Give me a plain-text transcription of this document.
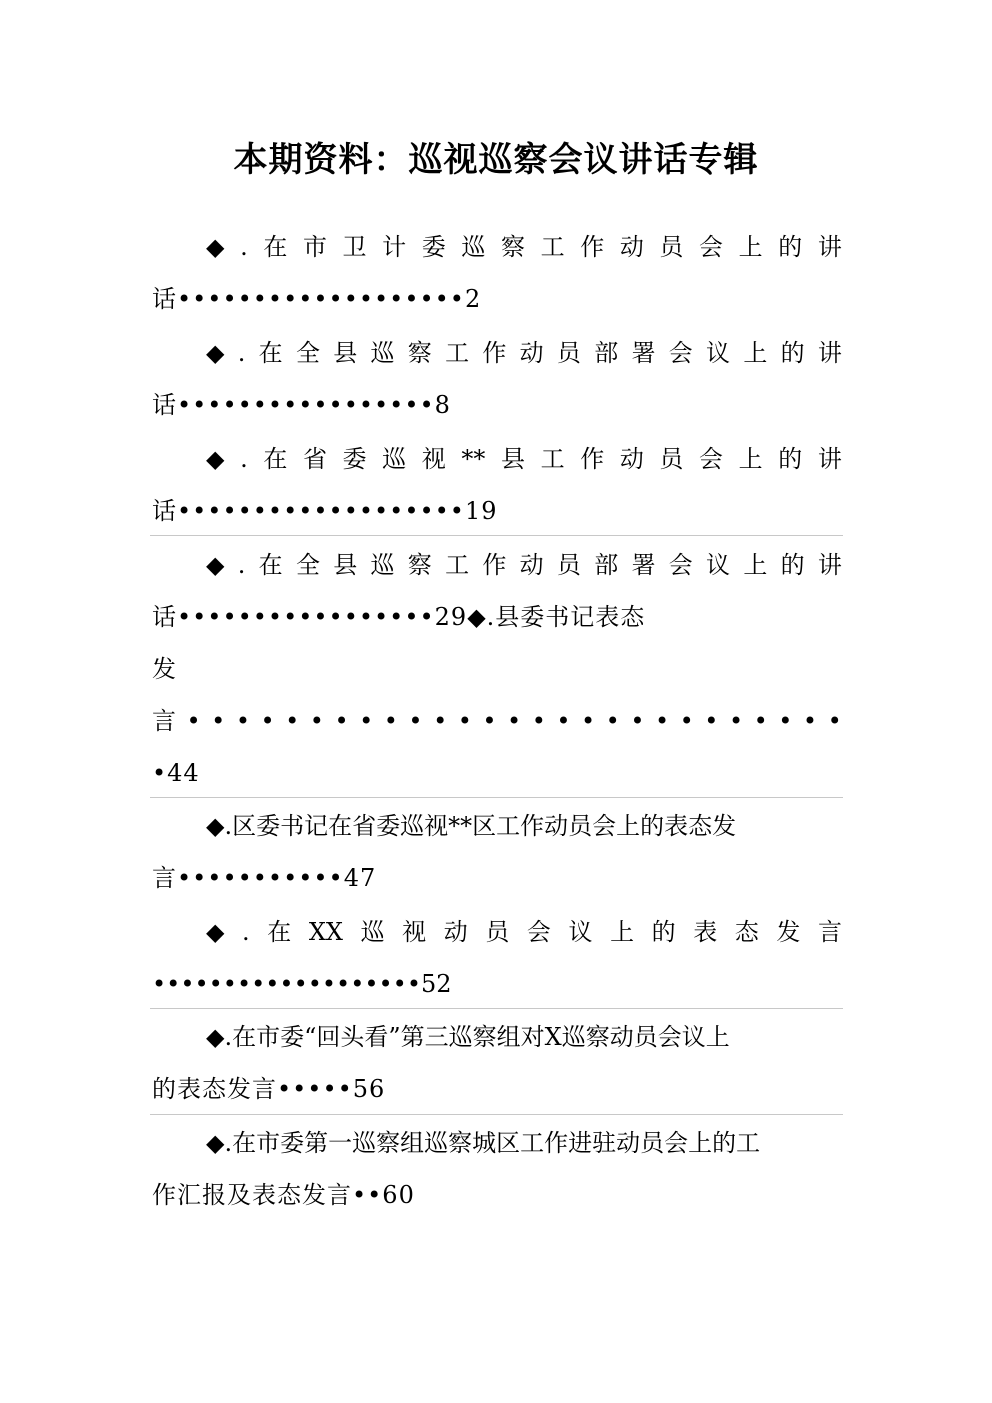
本期资料：巡视巡察会议讲话专辑
◆ . 在 市 卫 计 委 巡 察 工 作 动 员 会 上 的 讲
话•••••••••••••••••••2
◆ . 在 全 县 巡 察 工 作 动 员 部 署 会 议 上 的 讲
话•••••••••••••••••8
◆ . 在 省 委 巡 视 ** 县 工 作 动 员 会 上 的 讲
话•••••••••••••••••••19
◆ . 在 全 县 巡 察 工 作 动 员 部 署 会 议 上 的 讲
话•••••••••••••••••29◆.县委书记表态
发
言 • • • • • • • • • • • • • • • • • • • • • • • • • • •
•44
◆.区委书记在省委巡视**区工作动员会上的表态发
言•••••••••••47
◆ . 在 XX 巡 视 动 员 会 议 上 的 表 态 发 言
•••••••••••••••••••52
◆.在市委“回头看”第三巡察组对X巡察动员会议上
的表态发言•••••56
◆.在市委第一巡察组巡察城区工作进驻动员会上的工
作汇报及表态发言••60
